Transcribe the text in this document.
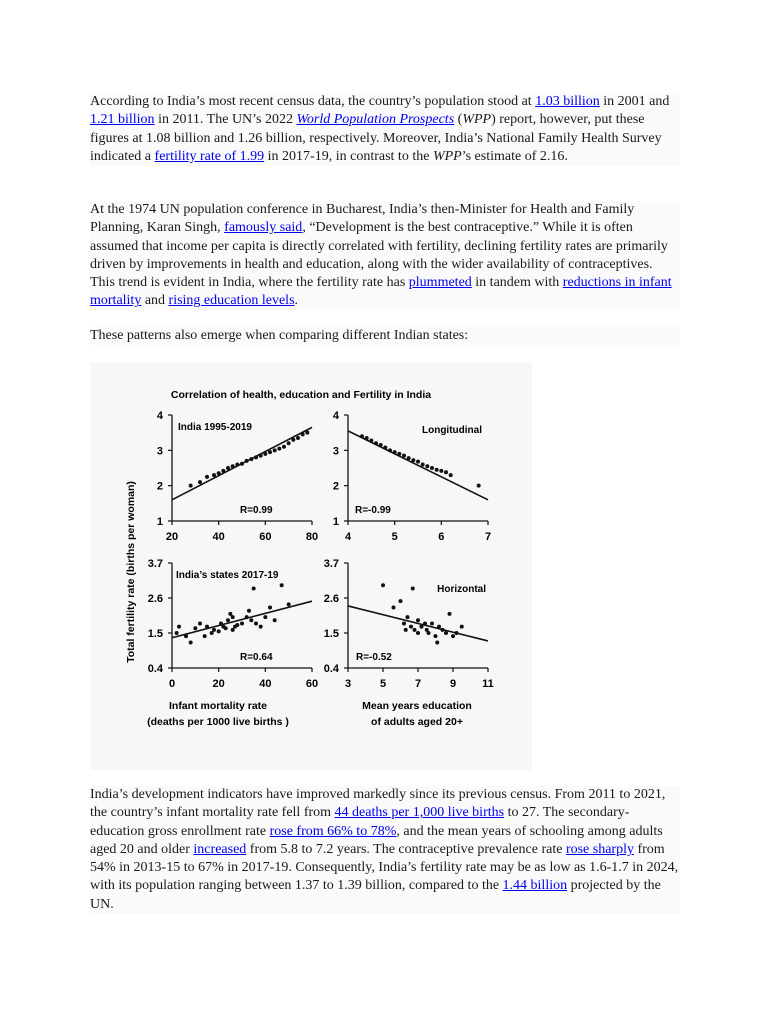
According to India’s most recent census data, the country’s population stood at 1.03 billion in 2001 and 1.21 billion in 2011. The UN’s 2022 World Population Prospects (WPP) report, however, put these figures at 1.08 billion and 1.26 billion, respectively. Moreover, India’s National Family Health Survey indicated a fertility rate of 1.99 in 2017-19, in contrast to the WPP’s estimate of 2.16.

At the 1974 UN population conference in Bucharest, India’s then-Minister for Health and Family Planning, Karan Singh, famously said, “Development is the best contraceptive.” While it is often assumed that income per capita is directly correlated with fertility, declining fertility rates are primarily driven by improvements in health and education, along with the wider availability of contraceptives. This trend is evident in India, where the fertility rate has plummeted in tandem with reductions in infant mortality and rising education levels.

These patterns also emerge when comparing different Indian states:

Correlation of health, education and Fertility in India
Total fertility rate (births per woman)
Infant mortality rate
(deaths per 1000 live births )
Mean years education
of adults aged 20+
1
2
3
4
20	40	60	80
India 1995-2019
R=0.99
1
2
3
4
4	5	6	7
Longitudinal
R=-0.99
0.4
1.5
2.6
3.7
0	20	40	60
India’s states 2017-19
R=0.64
0.4
1.5
2.6
3.7
3	5	7	9 11
Horizontal
R=-0.52

India’s development indicators have improved markedly since its previous census. From 2011 to 2021, the country’s infant mortality rate fell from 44 deaths per 1,000 live births to 27. The secondary-education gross enrollment rate rose from 66% to 78%, and the mean years of schooling among adults aged 20 and older increased from 5.8 to 7.2 years. The contraceptive prevalence rate rose sharply from 54% in 2013-15 to 67% in 2017-19. Consequently, India’s fertility rate may be as low as 1.6-1.7 in 2024, with its population ranging between 1.37 to 1.39 billion, compared to the 1.44 billion projected by the UN.
